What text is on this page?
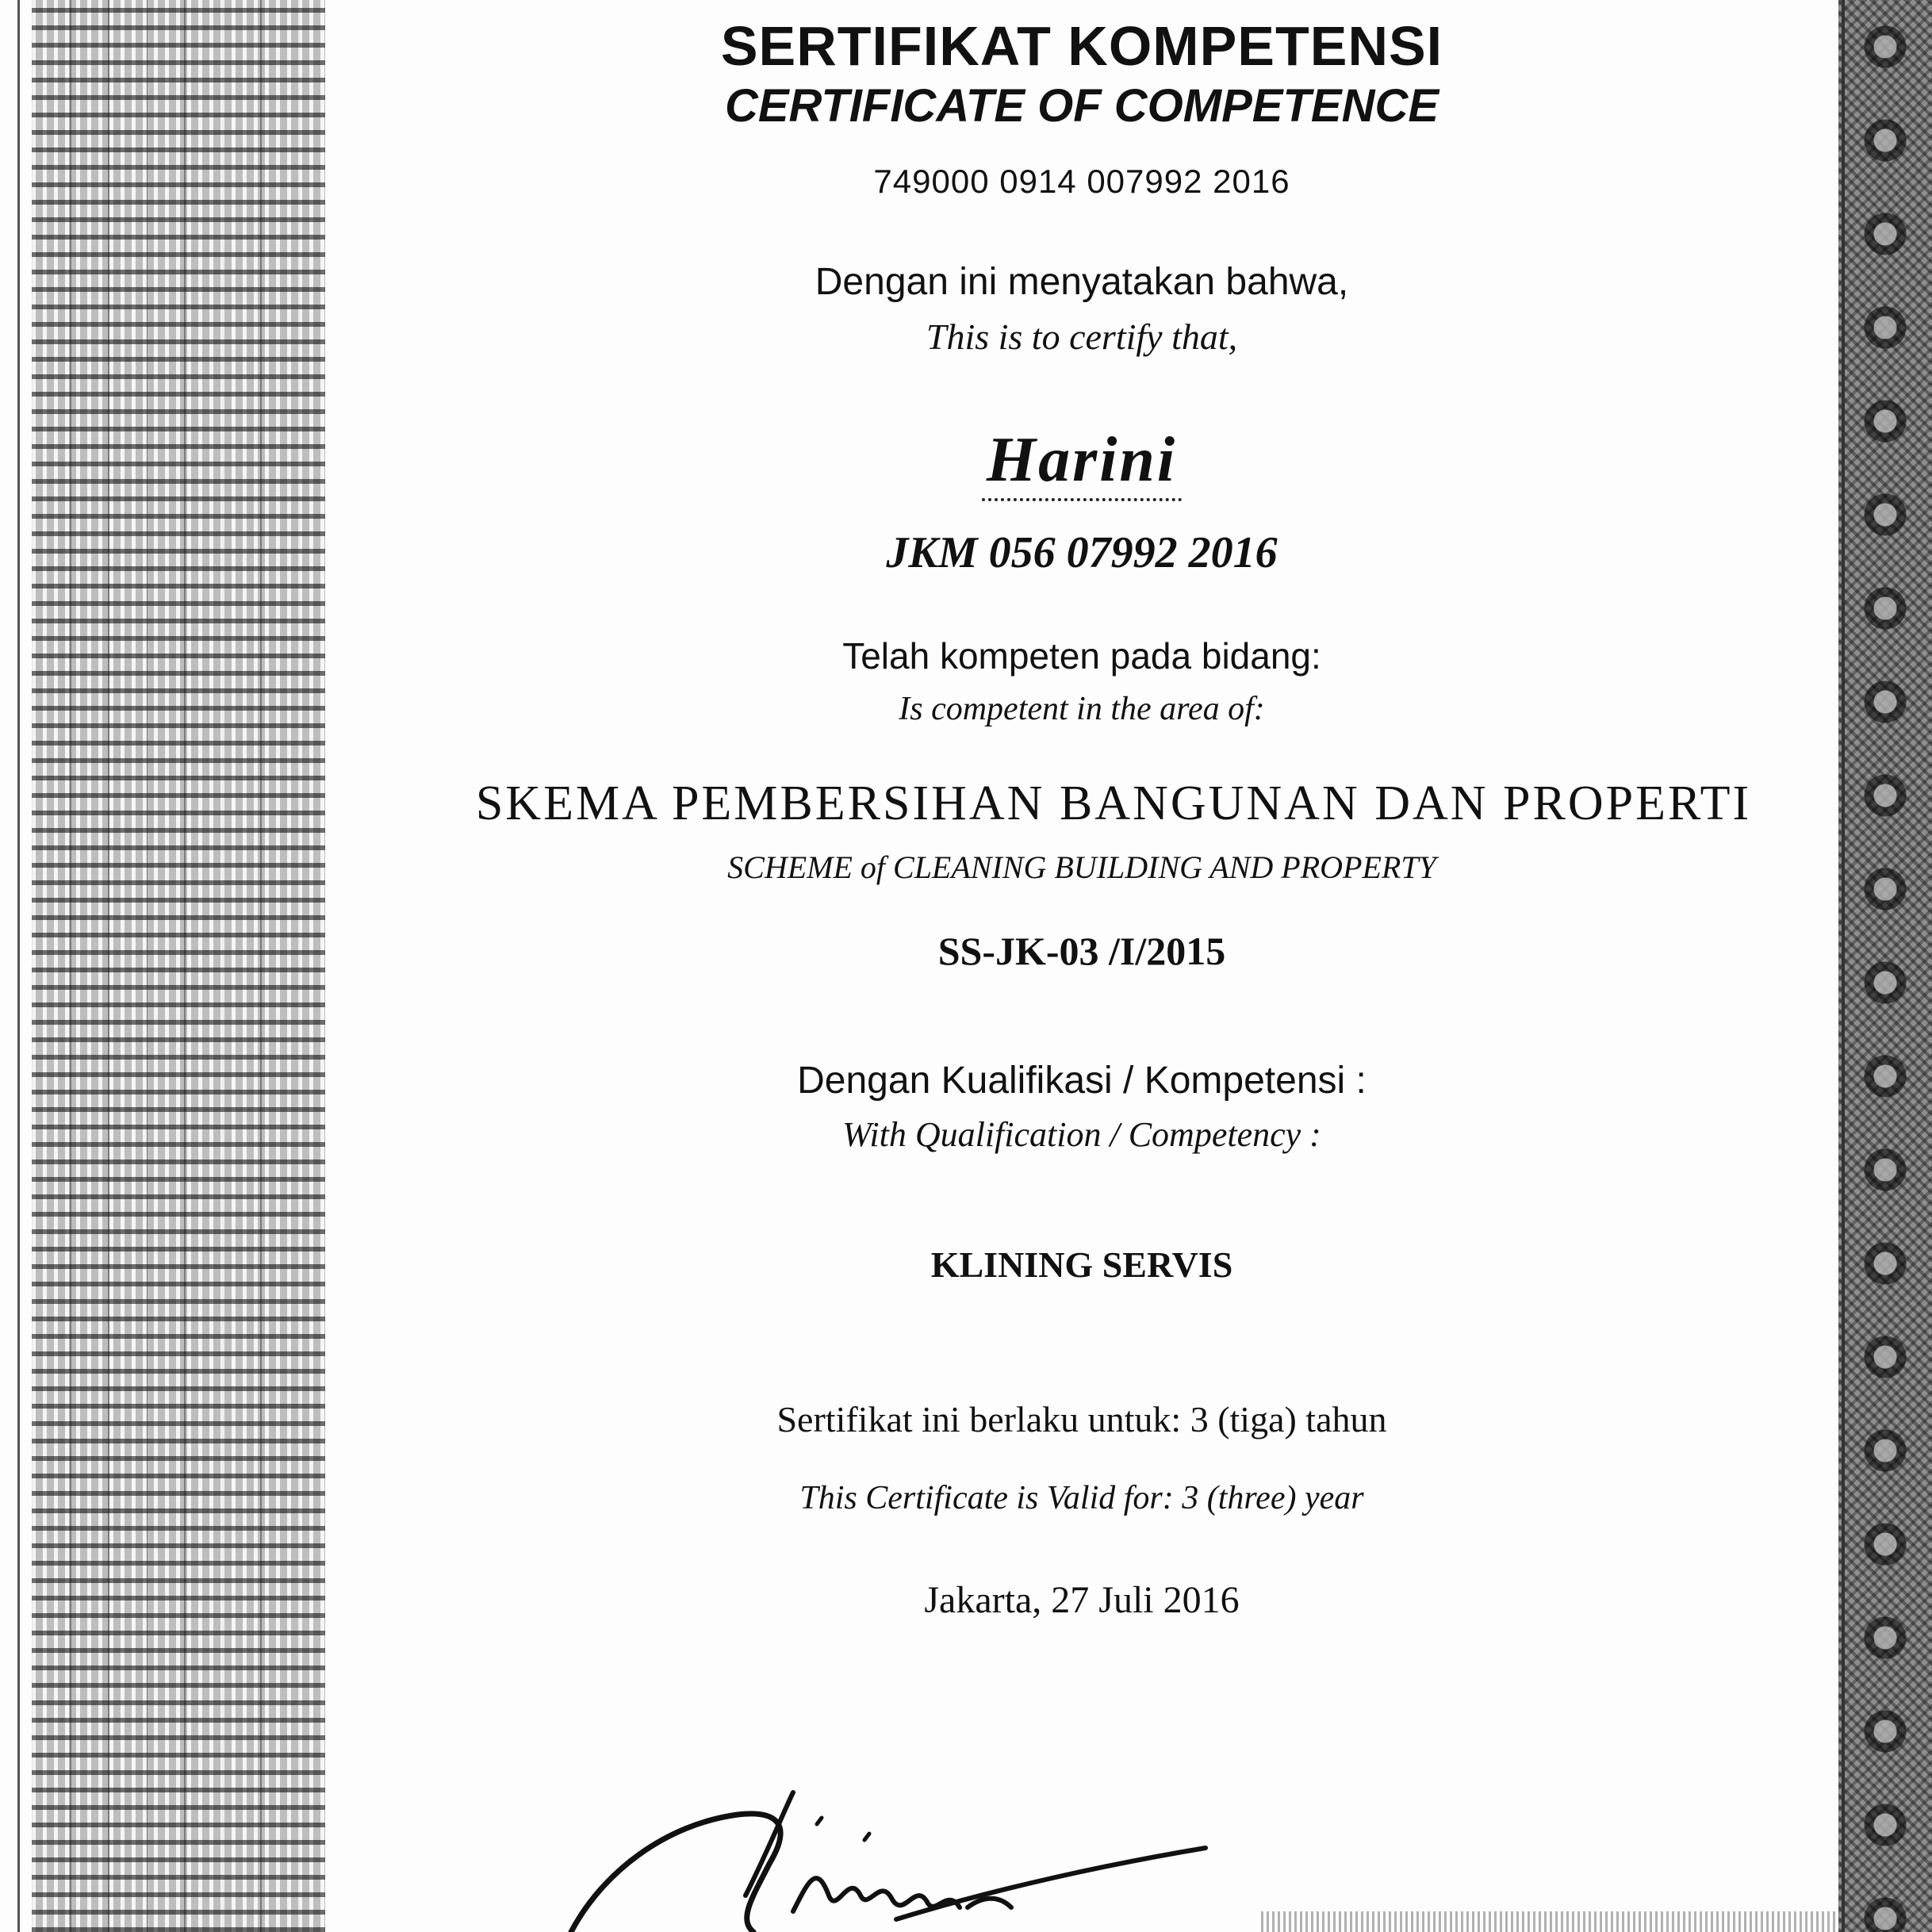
SERTIFIKAT KOMPETENSI
CERTIFICATE OF COMPETENCE
749000 0914 007992 2016
Dengan ini menyatakan bahwa,
This is to certify that,
Harini
JKM 056 07992 2016
Telah kompeten pada bidang:
Is competent in the area of:
SKEMA PEMBERSIHAN BANGUNAN DAN PROPERTI
SCHEME of CLEANING BUILDING AND PROPERTY
SS-JK-03 /I/2015
Dengan Kualifikasi / Kompetensi :
With Qualification / Competency :
KLINING SERVIS
Sertifikat ini berlaku untuk: 3 (tiga) tahun
This Certificate is Valid for: 3 (three) year
Jakarta, 27 Juli 2016
